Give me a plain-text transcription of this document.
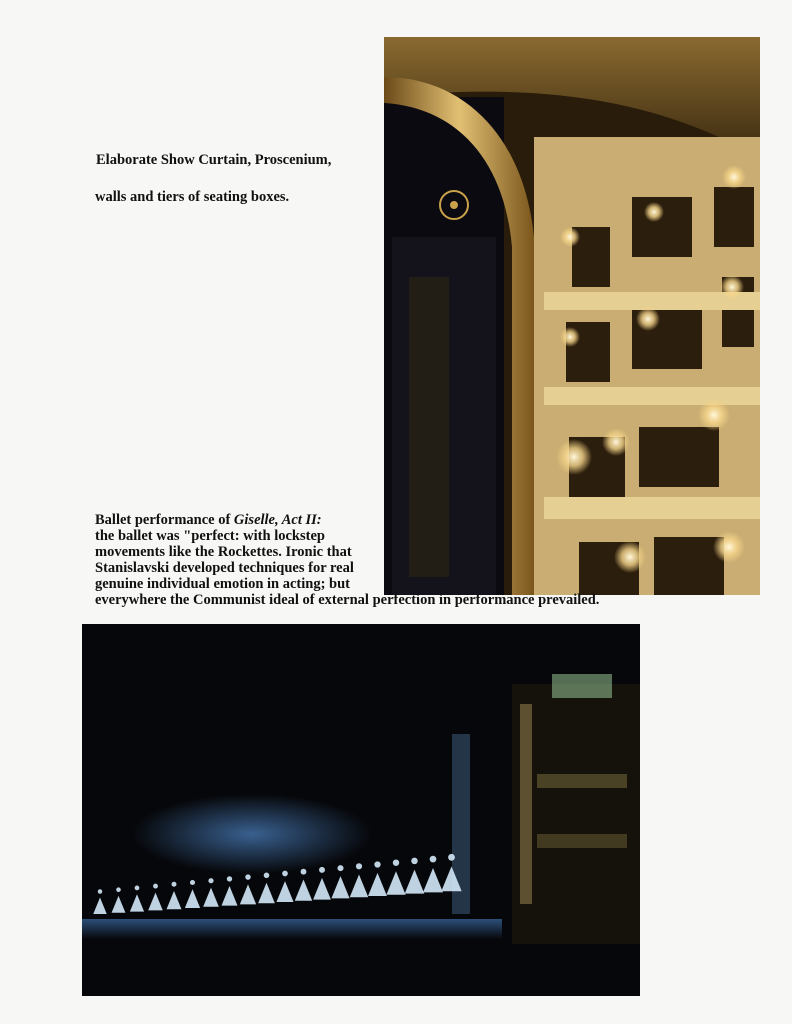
Elaborate Show Curtain, Proscenium,

walls and tiers of seating boxes.

Ballet performance of Giselle, Act II:
the ballet was "perfect: with lockstep
movements like the Rockettes. Ironic that
Stanislavski developed techniques for real
genuine individual emotion in acting; but
everywhere the Communist ideal of external perfection in performance prevailed.
